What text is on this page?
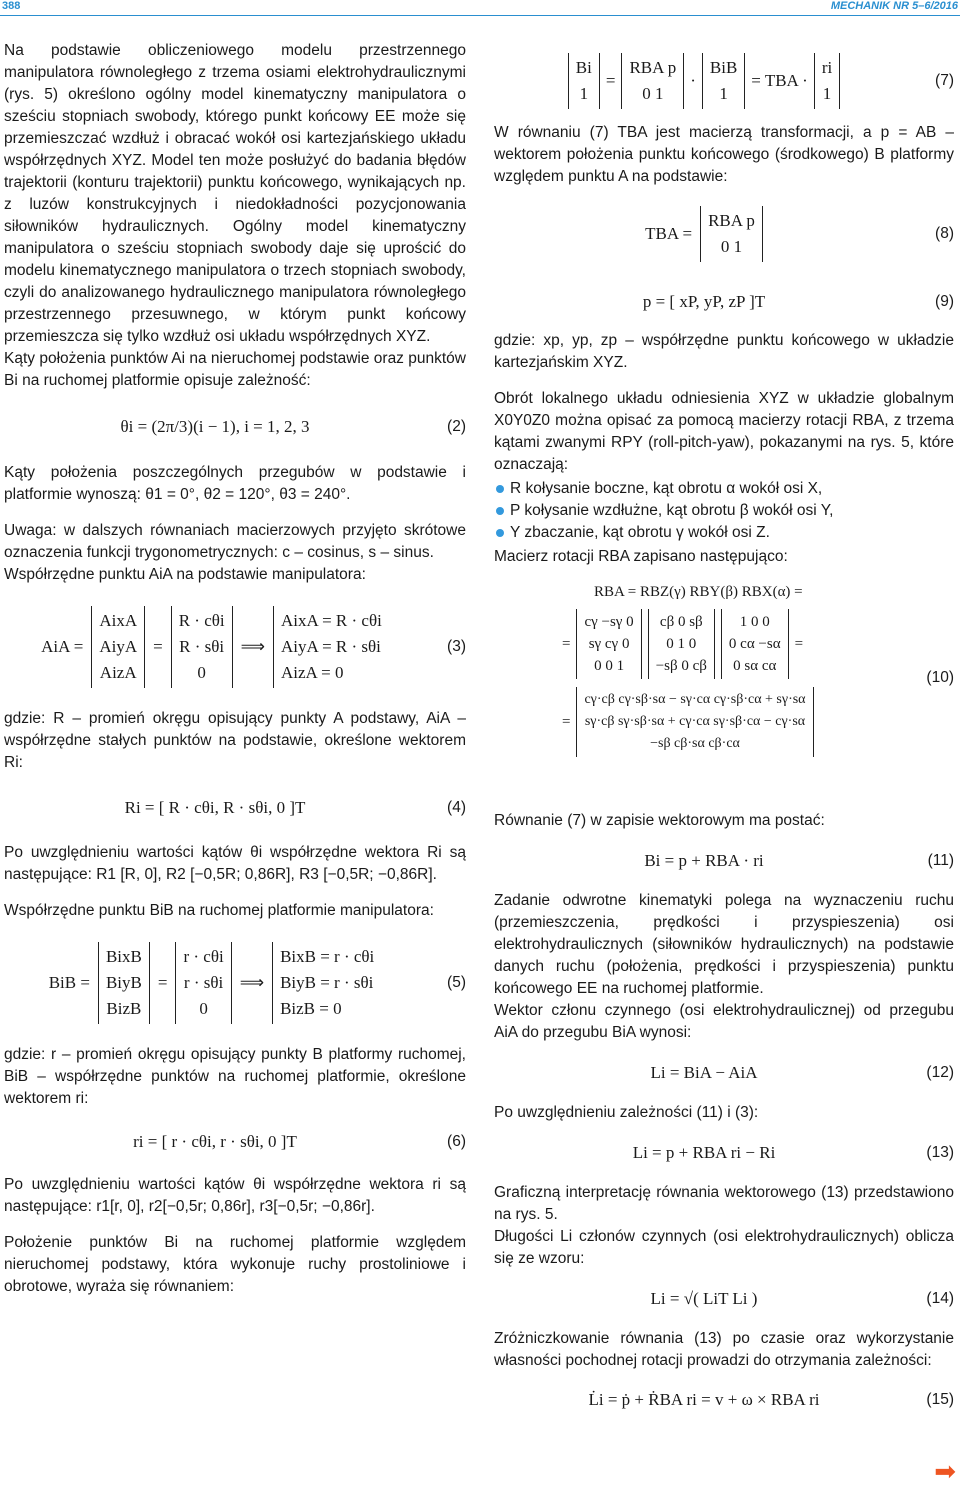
388	MECHANIK NR 5–6/2016

Na podstawie obliczeniowego modelu przestrzennego manipulatora równoległego z trzema osiami elektrohydraulicznymi (rys. 5) określono ogólny model kinematyczny manipulatora o sześciu stopniach swobody, którego punkt końcowy EE może się przemieszczać wzdłuż i obracać wokół osi kartezjańskiego układu współrzędnych XYZ. Model ten może posłużyć do badania błędów trajektorii (konturu trajektorii) punktu końcowego, wynikających np. z luzów konstrukcyjnych i niedokładności pozycjonowania siłowników hydraulicznych. Ogólny model kinematyczny manipulatora o sześciu stopniach swobody daje się uprościć do modelu kinematycznego manipulatora o trzech stopniach swobody, czyli do analizowanego hydraulicznego manipulatora równoległego przestrzennego przesuwnego, w którym punkt końcowy przemieszcza się tylko wzdłuż osi układu współrzędnych XYZ.

Kąty położenia punktów Ai na nieruchomej podstawie oraz punktów Bi na ruchomej platformie opisuje zależność:

θi = (2π/3)(i − 1), i = 1, 2, 3	(2)

Kąty położenia poszczególnych przegubów w podstawie i platformie wynoszą: θ1 = 0°, θ2 = 120°, θ3 = 240°.

Uwaga: w dalszych równaniach macierzowych przyjęto skrótowe oznaczenia funkcji trygonometrycznych: c – cosinus, s – sinus.

Współrzędne punktu AiA na podstawie manipulatora:

AiA =
AixA
AiyA
AizA
=
R · cθi
R · sθi
0
⟹
AixA = R · cθi
AiyA = R · sθi
AizA = 0
(3)

gdzie: R – promień okręgu opisujący punkty A podstawy, AiA – współrzędne stałych punktów na podstawie, określone wektorem Ri:

Ri = [ R · cθi, R · sθi, 0 ]T	(4)

Po uwzględnieniu wartości kątów θi współrzędne wektora Ri są następujące: R1 [R, 0], R2 [−0,5R; 0,86R], R3 [−0,5R; −0,86R].

Współrzędne punktu BiB na ruchomej platformie manipulatora:

BiB =
BixB
BiyB
BizB
=
r · cθi
r · sθi
0
⟹
BixB = r · cθi
BiyB = r · sθi
BizB = 0
(5)

gdzie: r – promień okręgu opisujący punkty B platformy ruchomej, BiB – współrzędne punktów na ruchomej platformie, określone wektorem ri:

ri = [ r · cθi, r · sθi, 0 ]T	(6)

Po uwzględnieniu wartości kątów θi współrzędne wektora ri są następujące: r1[r, 0], r2[−0,5r; 0,86r], r3[−0,5r; −0,86r].

Położenie punktów Bi na ruchomej platformie względem nieruchomej podstawy, która wykonuje ruchy prostoliniowe i obrotowe, wyraża się równaniem:

Bi
1
=
RBA p
0 1
·
BiB
1
= TBA ·
ri
1
(7)

W równaniu (7) TBA jest macierzą transformacji, a p = AB – wektorem położenia punktu końcowego (środkowego) B platformy względem punktu A na podstawie:

TBA =
RBA p
0 1
(8)
p = [ xP, yP, zP ]T	(9)

gdzie: xp, yp, zp – współrzędne punktu końcowego w układzie kartezjańskim XYZ.

Obrót lokalnego układu odniesienia XYZ w układzie globalnym X0Y0Z0 można opisać za pomocą macierzy rotacji RBA, z trzema kątami zwanymi RPY (roll-pitch-yaw), pokazanymi na rys. 5, które oznaczają:

R kołysanie boczne, kąt obrotu α wokół osi X,
P kołysanie wzdłużne, kąt obrotu β wokół osi Y,
Y zbaczanie, kąt obrotu γ wokół osi Z.

Macierz rotacji RBA zapisano następująco:

RBA = RBZ(γ) RBY(β) RBX(α) =
=
cγ −sγ 0
sγ cγ 0
0 0 1
cβ 0 sβ
0 1 0
−sβ 0 cβ
1 0 0
0 cα −sα
0 sα cα
=
=
cγ·cβ cγ·sβ·sα − sγ·cα cγ·sβ·cα + sγ·sα
sγ·cβ sγ·sβ·sα + cγ·cα sγ·sβ·cα − cγ·sα
−sβ cβ·sα cβ·cα
(10)

Równanie (7) w zapisie wektorowym ma postać:

Bi = p + RBA · ri	(11)

Zadanie odwrotne kinematyki polega na wyznaczeniu ruchu (przemieszczenia, prędkości i przyspieszenia) osi elektrohydraulicznych (siłowników hydraulicznych) na podstawie danych ruchu (położenia, prędkości i przyspieszenia) punktu końcowego EE na ruchomej platformie.

Wektor członu czynnego (osi elektrohydraulicznej) od przegubu AiA do przegubu BiA wynosi:

Li = BiA − AiA	(12)

Po uwzględnieniu zależności (11) i (3):

Li = p + RBA ri − Ri	(13)

Graficzną interpretację równania wektorowego (13) przedstawiono na rys. 5.

Długości Li członów czynnych (osi elektrohydraulicznych) oblicza się ze wzoru:

Li = √( LiT Li )	(14)

Zróżniczkowanie równania (13) po czasie oraz wykorzystanie własności pochodnej rotacji prowadzi do otrzymania zależności:

L̇i = ṗ + ṘBA ri = v + ω × RBA ri	(15)
➡
